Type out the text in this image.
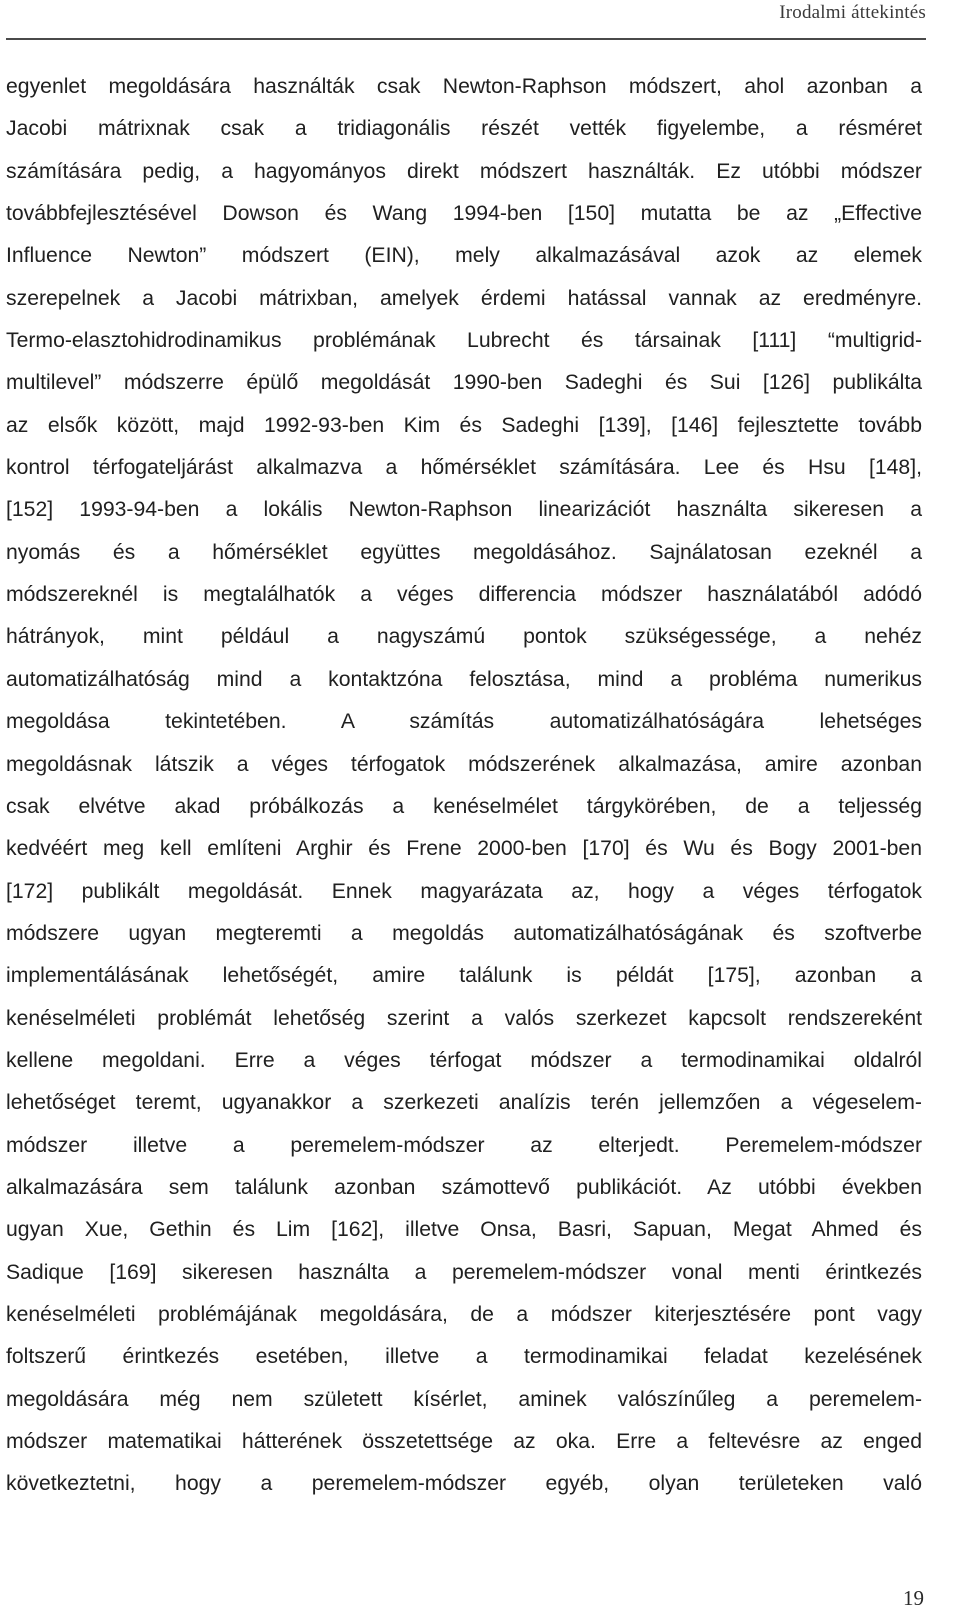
Irodalmi áttekintés
egyenlet megoldására használták csak Newton-Raphson módszert, ahol azonban a
Jacobi mátrixnak csak a tridiagonális részét vették figyelembe, a résméret
számítására pedig, a hagyományos direkt módszert használták. Ez utóbbi módszer
továbbfejlesztésével Dowson és Wang 1994-ben [150] mutatta be az „Effective
Influence Newton” módszert (EIN), mely alkalmazásával azok az elemek
szerepelnek a Jacobi mátrixban, amelyek érdemi hatással vannak az eredményre.
Termo-elasztohidrodinamikus problémának Lubrecht és társainak [111] “multigrid-
multilevel” módszerre épülő megoldását 1990-ben Sadeghi és Sui [126] publikálta
az elsők között, majd 1992-93-ben Kim és Sadeghi [139], [146] fejlesztette tovább
kontrol térfogateljárást alkalmazva a hőmérséklet számítására. Lee és Hsu [148],
[152] 1993-94-ben a lokális Newton-Raphson linearizációt használta sikeresen a
nyomás és a hőmérséklet együttes megoldásához. Sajnálatosan ezeknél a
módszereknél is megtalálhatók a véges differencia módszer használatából adódó
hátrányok, mint például a nagyszámú pontok szükségessége, a nehéz
automatizálhatóság mind a kontaktzóna felosztása, mind a probléma numerikus
megoldása tekintetében. A számítás automatizálhatóságára lehetséges
megoldásnak látszik a véges térfogatok módszerének alkalmazása, amire azonban
csak elvétve akad próbálkozás a kenéselmélet tárgykörében, de a teljesség
kedvéért meg kell említeni Arghir és Frene 2000-ben [170] és Wu és Bogy 2001-ben
[172] publikált megoldását. Ennek magyarázata az, hogy a véges térfogatok
módszere ugyan megteremti a megoldás automatizálhatóságának és szoftverbe
implementálásának lehetőségét, amire találunk is példát [175], azonban a
kenéselméleti problémát lehetőség szerint a valós szerkezet kapcsolt rendszereként
kellene megoldani. Erre a véges térfogat módszer a termodinamikai oldalról
lehetőséget teremt, ugyanakkor a szerkezeti analízis terén jellemzően a végeselem-
módszer illetve a peremelem-módszer az elterjedt. Peremelem-módszer
alkalmazására sem találunk azonban számottevő publikációt. Az utóbbi években
ugyan Xue, Gethin és Lim [162], illetve Onsa, Basri, Sapuan, Megat Ahmed és
Sadique [169] sikeresen használta a peremelem-módszer vonal menti érintkezés
kenéselméleti problémájának megoldására, de a módszer kiterjesztésére pont vagy
foltszerű érintkezés esetében, illetve a termodinamikai feladat kezelésének
megoldására még nem született kísérlet, aminek valószínűleg a peremelem-
módszer matematikai hátterének összetettsége az oka. Erre a feltevésre az enged
következtetni, hogy a peremelem-módszer egyéb, olyan területeken való
19
